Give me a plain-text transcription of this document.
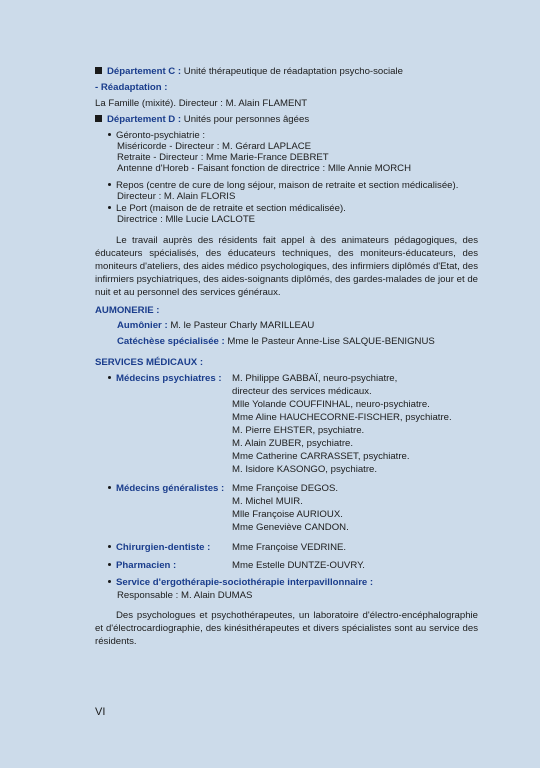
Département C : Unité thérapeutique de réadaptation psycho-sociale
- Réadaptation :
La Famille (mixité). Directeur : M. Alain FLAMENT
Département D : Unités pour personnes âgées
Géronto-psychiatrie :
Miséricorde - Directeur : M. Gérard LAPLACE
Retraite - Directeur : Mme Marie-France DEBRET
Antenne d'Horeb - Faisant fonction de directrice : Mlle Annie MORCH
Repos (centre de cure de long séjour, maison de retraite et section médicalisée).
Directeur : M. Alain FLORIS
Le Port (maison de de retraite et section médicalisée).
Directrice : Mlle Lucie LACLOTE

Le travail auprès des résidents fait appel à des animateurs pédagogiques, des éducateurs spécialisés, des éducateurs techniques, des moniteurs-éducateurs, des moniteurs d'ateliers, des aides médico psychologiques, des infirmiers diplômés d'Etat, des infirmiers psychiatriques, des aides-soignants diplômés, des gardes-malades de jour et de nuit et au personnel des services généraux.

AUMONERIE :
Aumônier : M. le Pasteur Charly MARILLEAU
Catéchèse spécialisée : Mme le Pasteur Anne-Lise SALQUE-BENIGNUS
SERVICES MÉDICAUX :
Médecins psychiatres : M. Philippe GABBAÏ, neuro-psychiatre,
directeur des services médicaux.
Mlle Yolande COUFFINHAL, neuro-psychiatre.
Mme Aline HAUCHECORNE-FISCHER, psychiatre.
M. Pierre EHSTER, psychiatre.
M. Alain ZUBER, psychiatre.
Mme Catherine CARRASSET, psychiatre.
M. Isidore KASONGO, psychiatre.
Médecins généralistes : Mme Françoise DEGOS.
M. Michel MUIR.
Mlle Françoise AURIOUX.
Mme Geneviève CANDON.
Chirurgien-dentiste : Mme Françoise VEDRINE.
Pharmacien :	Mme Estelle DUNTZE-OUVRY.
Service d'ergothérapie-sociothérapie interpavillonnaire :
Responsable : M. Alain DUMAS

Des psychologues et psychothérapeutes, un laboratoire d'électro-encéphalographie et d'électrocardiographie, des kinésithérapeutes et divers spécialistes sont au service des résidents.

VI
